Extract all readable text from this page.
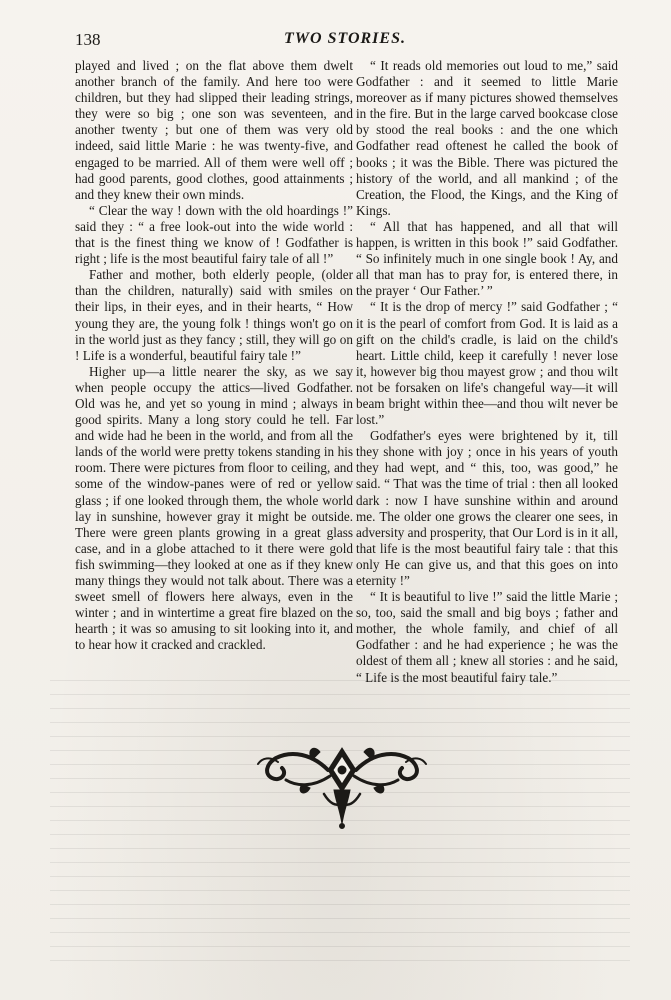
138	TWO STORIES.

played and lived ; on the flat above them dwelt another branch of the family. And here too were children, but they had slipped their leading strings, they were so big ; one son was seventeen, and another twenty ; but one of them was very old indeed, said little Marie : he was twenty-five, and engaged to be married. All of them were well off ; had good parents, good clothes, good attainments ; and they knew their own minds.

“ Clear the way ! down with the old hoardings !” said they : “ a free look-out into the wide world : that is the finest thing we know of ! Godfather is right ; life is the most beautiful fairy tale of all !”

Father and mother, both elderly people, (older than the children, naturally) said with smiles on their lips, in their eyes, and in their hearts, “ How young they are, the young folk ! things won't go on in the world just as they fancy ; still, they will go on ! Life is a wonderful, beautiful fairy tale !”

Higher up—a little nearer the sky, as we say when people occupy the attics—lived Godfather. Old was he, and yet so young in mind ; always in good spirits. Many a long story could he tell. Far and wide had he been in the world, and from all the lands of the world were pretty tokens standing in his room. There were pictures from floor to ceiling, and some of the window-panes were of red or yellow glass ; if one looked through them, the whole world lay in sunshine, however gray it might be outside. There were green plants growing in a great glass case, and in a globe attached to it there were gold fish swimming—they looked at one as if they knew many things they would not talk about. There was a sweet smell of flowers here always, even in the winter ; and in wintertime a great fire blazed on the hearth ; it was so amusing to sit looking into it, and to hear how it cracked and crackled.

“ It reads old memories out loud to me,” said Godfather : and it seemed to little Marie moreover as if many pictures showed themselves in the fire. But in the large carved bookcase close by stood the real books : and the one which Godfather read oftenest he called the book of books ; it was the Bible. There was pictured the history of the world, and all mankind ; of the Creation, the Flood, the Kings, and the King of Kings.

“ All that has happened, and all that will happen, is written in this book !” said Godfather. “ So infinitely much in one single book ! Ay, and all that man has to pray for, is entered there, in the prayer ‘ Our Father.’ ”

“ It is the drop of mercy !” said Godfather ; “ it is the pearl of comfort from God. It is laid as a gift on the child's cradle, is laid on the child's heart. Little child, keep it carefully ! never lose it, however big thou mayest grow ; and thou wilt not be forsaken on life's changeful way—it will beam bright within thee—and thou wilt never be lost.”

Godfather's eyes were brightened by it, till they shone with joy ; once in his years of youth they had wept, and “ this, too, was good,” he said. “ That was the time of trial : then all looked dark : now I have sunshine within and around me. The older one grows the clearer one sees, in adversity and prosperity, that Our Lord is in it all, that life is the most beautiful fairy tale : that this only He can give us, and that this goes on into eternity !”

“ It is beautiful to live !” said the little Marie ; so, too, said the small and big boys ; father and mother, the whole family, and chief of all Godfather : and he had experience ; he was the oldest of them all ; knew all stories : and he said, “ Life is the most beautiful fairy tale.”
